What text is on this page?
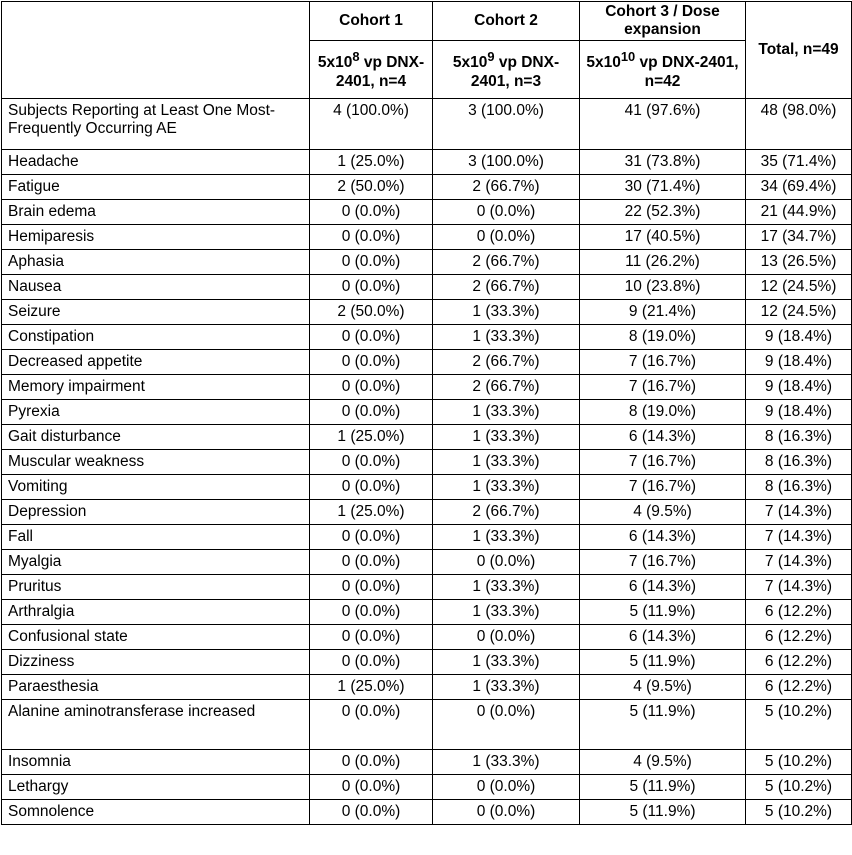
	Cohort 1	Cohort 2	Cohort 3 / Dose expansion	Total, n=49
	$5x10^8$ vp DNX-2401, n=4	$5x10^9$ vp DNX-2401, n=3	$5x10^{10}$ vp DNX-2401, n=42	
Subjects Reporting at Least One Most-Frequently Occurring AE	4 (100.0%)	3 (100.0%)	41 (97.6%)	48 (98.0%)
Headache	1 (25.0%)	3 (100.0%)	31 (73.8%)	35 (71.4%)
Fatigue	2 (50.0%)	2 (66.7%)	30 (71.4%)	34 (69.4%)
Brain edema	0 (0.0%)	0 (0.0%)	22 (52.3%)	21 (44.9%)
Hemiparesis	0 (0.0%)	0 (0.0%)	17 (40.5%)	17 (34.7%)
Aphasia	0 (0.0%)	2 (66.7%)	11 (26.2%)	13 (26.5%)
Nausea	0 (0.0%)	2 (66.7%)	10 (23.8%)	12 (24.5%)
Seizure	2 (50.0%)	1 (33.3%)	9 (21.4%)	12 (24.5%)
Constipation	0 (0.0%)	1 (33.3%)	8 (19.0%)	9 (18.4%)
Decreased appetite	0 (0.0%)	2 (66.7%)	7 (16.7%)	9 (18.4%)
Memory impairment	0 (0.0%)	2 (66.7%)	7 (16.7%)	9 (18.4%)
Pyrexia	0 (0.0%)	1 (33.3%)	8 (19.0%)	9 (18.4%)
Gait disturbance	1 (25.0%)	1 (33.3%)	6 (14.3%)	8 (16.3%)
Muscular weakness	0 (0.0%)	1 (33.3%)	7 (16.7%)	8 (16.3%)
Vomiting	0 (0.0%)	1 (33.3%)	7 (16.7%)	8 (16.3%)
Depression	1 (25.0%)	2 (66.7%)	4 (9.5%)	7 (14.3%)
Fall	0 (0.0%)	1 (33.3%)	6 (14.3%)	7 (14.3%)
Myalgia	0 (0.0%)	0 (0.0%)	7 (16.7%)	7 (14.3%)
Pruritus	0 (0.0%)	1 (33.3%)	6 (14.3%)	7 (14.3%)
Arthralgia	0 (0.0%)	1 (33.3%)	5 (11.9%)	6 (12.2%)
Confusional state	0 (0.0%)	0 (0.0%)	6 (14.3%)	6 (12.2%)
Dizziness	0 (0.0%)	1 (33.3%)	5 (11.9%)	6 (12.2%)
Paraesthesia	1 (25.0%)	1 (33.3%)	4 (9.5%)	6 (12.2%)
Alanine aminotransferase increased	0 (0.0%)	0 (0.0%)	5 (11.9%)	5 (10.2%)
Insomnia	0 (0.0%)	1 (33.3%)	4 (9.5%)	5 (10.2%)
Lethargy	0 (0.0%)	0 (0.0%)	5 (11.9%)	5 (10.2%)
Somnolence	0 (0.0%)	0 (0.0%)	5 (11.9%)	5 (10.2%)
